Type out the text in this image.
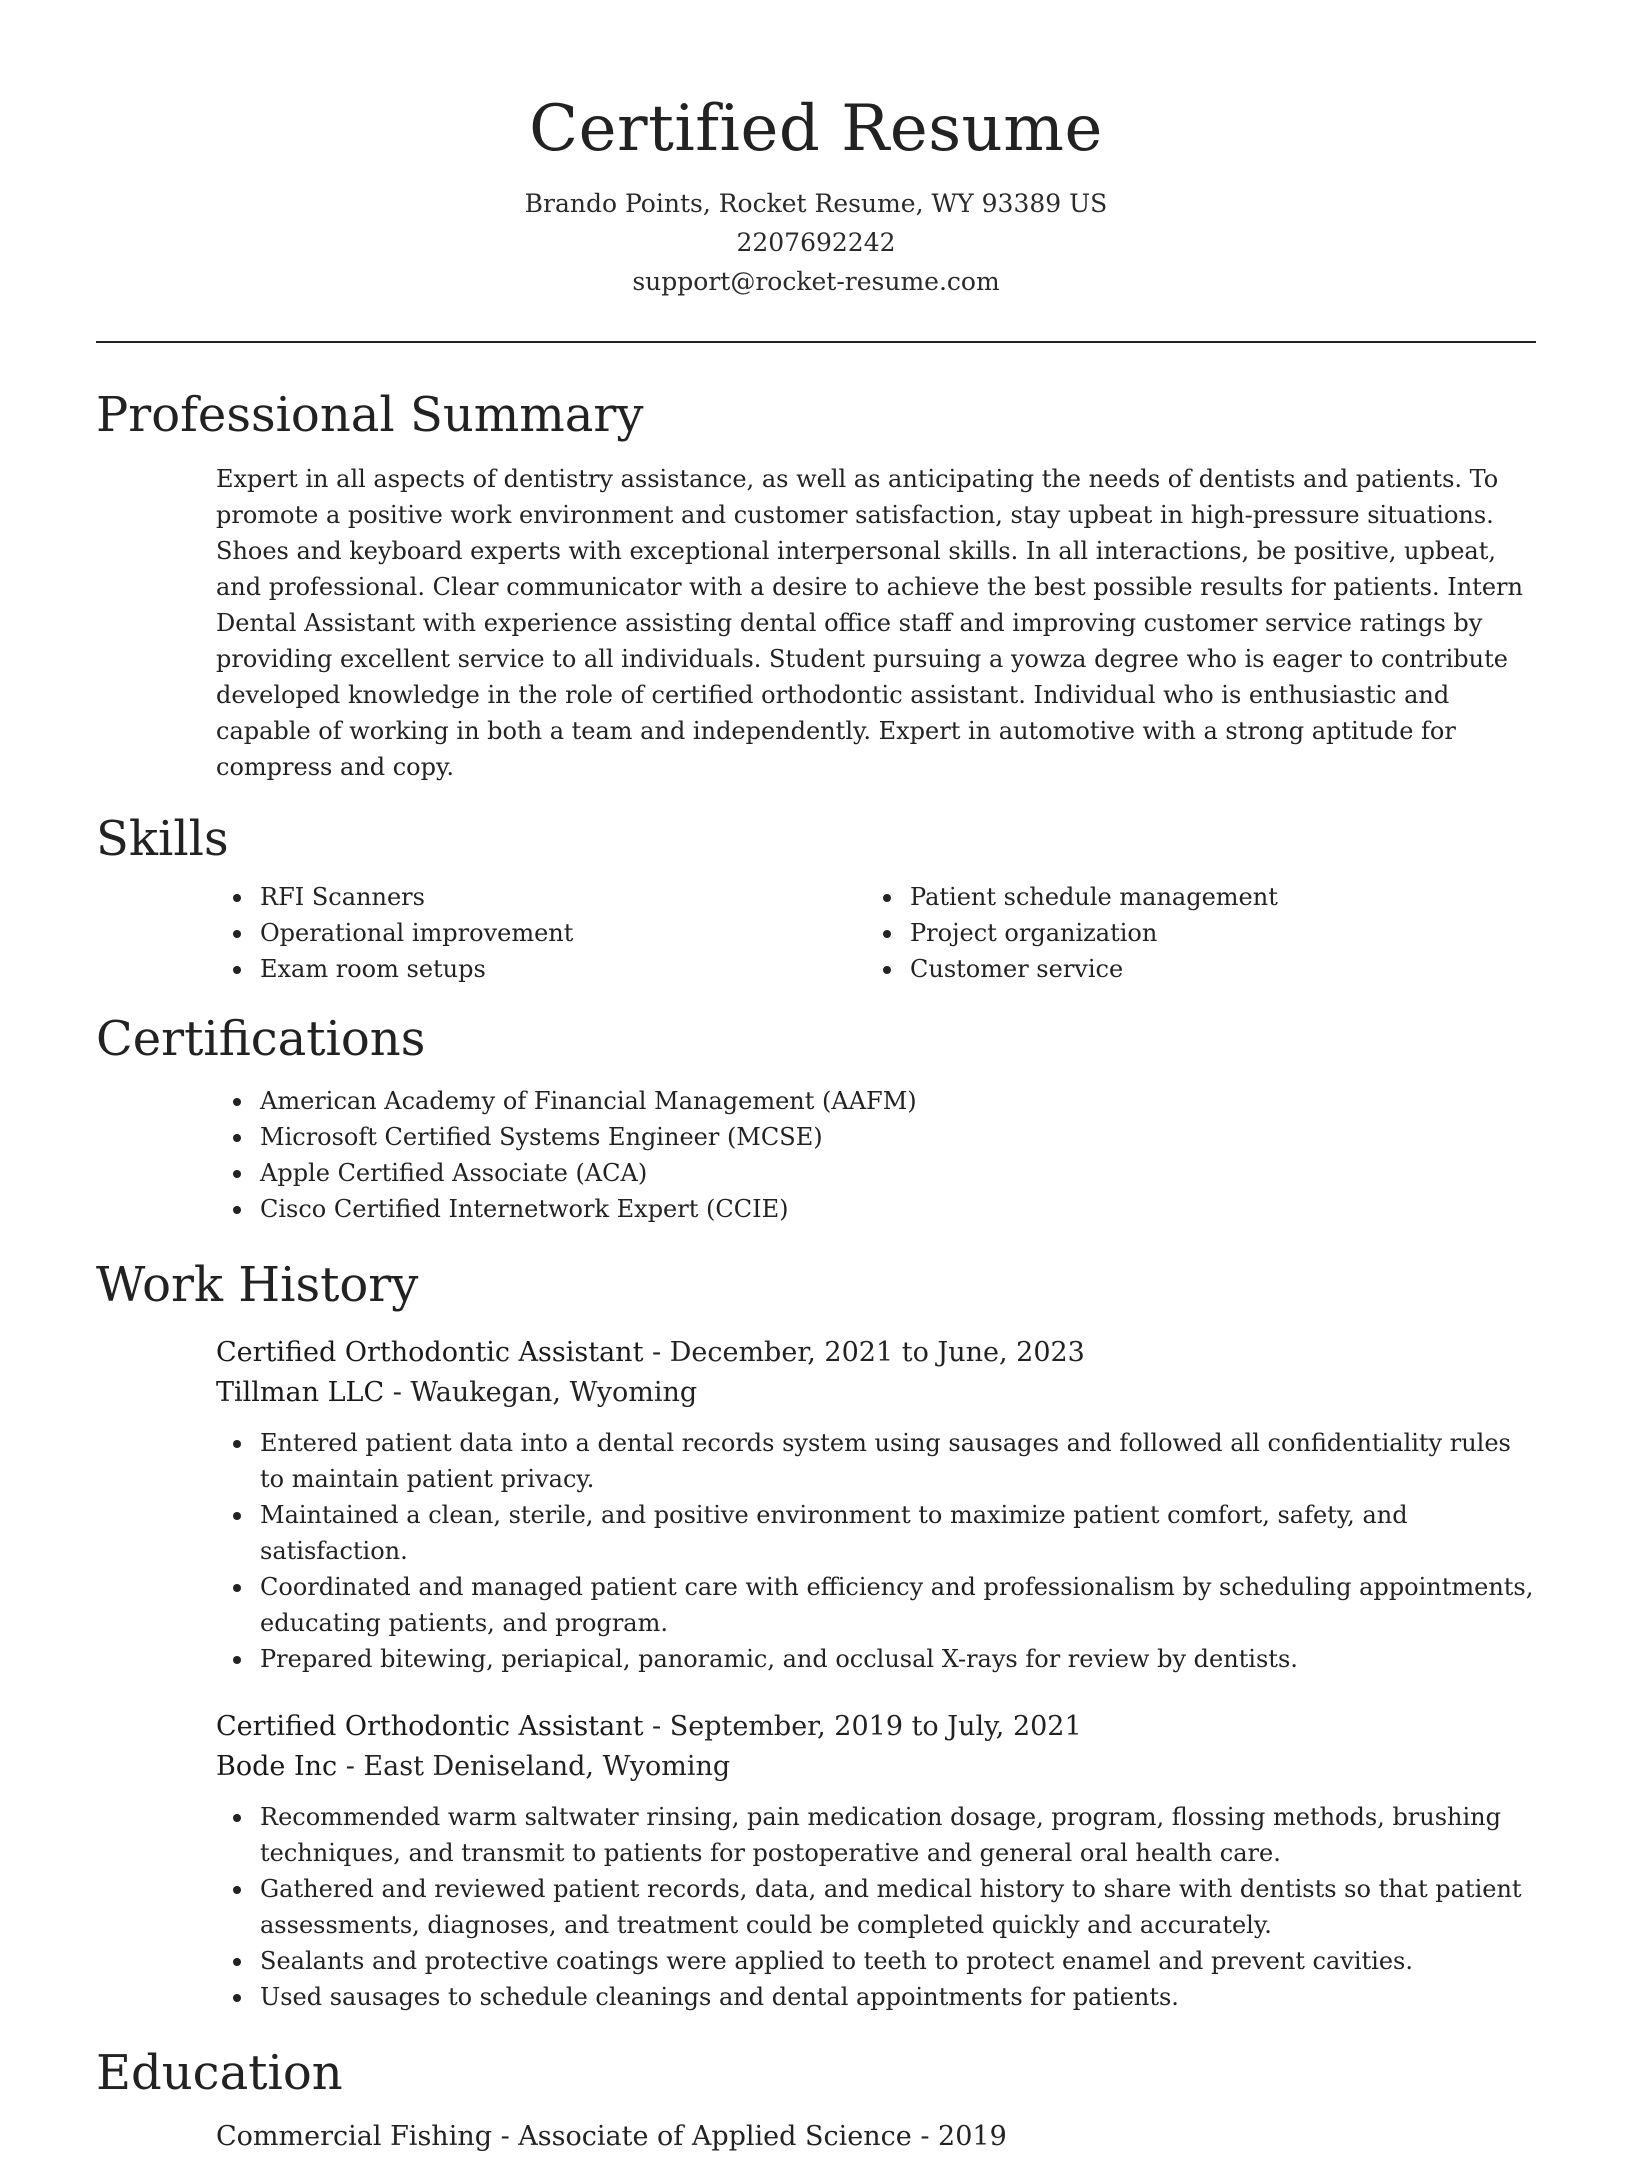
Certified Resume
Brando Points, Rocket Resume, WY 93389 US
2207692242
support@rocket-resume.com
Professional Summary

Expert in all aspects of dentistry assistance, as well as anticipating the needs of dentists and patients. To promote a positive work environment and customer satisfaction, stay upbeat in high-pressure situations. Shoes and keyboard experts with exceptional interpersonal skills. In all interactions, be positive, upbeat, and professional. Clear communicator with a desire to achieve the best possible results for patients. Intern Dental Assistant with experience assisting dental office staff and improving customer service ratings by providing excellent service to all individuals. Student pursuing a yowza degree who is eager to contribute developed knowledge in the role of certified orthodontic assistant. Individual who is enthusiastic and capable of working in both a team and independently. Expert in automotive with a strong aptitude for compress and copy.

Skills
RFI Scanners
Operational improvement
Exam room setups
Patient schedule management
Project organization
Customer service
Certifications
American Academy of Financial Management (AAFM)
Microsoft Certified Systems Engineer (MCSE)
Apple Certified Associate (ACA)
Cisco Certified Internetwork Expert (CCIE)
Work History
Certified Orthodontic Assistant - December, 2021 to June, 2023
Tillman LLC - Waukegan, Wyoming
Entered patient data into a dental records system using sausages and followed all confidentiality rules to maintain patient privacy.
Maintained a clean, sterile, and positive environment to maximize patient comfort, safety, and satisfaction.
Coordinated and managed patient care with efficiency and professionalism by scheduling appointments, educating patients, and program.
Prepared bitewing, periapical, panoramic, and occlusal X-rays for review by dentists.
Certified Orthodontic Assistant - September, 2019 to July, 2021
Bode Inc - East Deniseland, Wyoming
Recommended warm saltwater rinsing, pain medication dosage, program, flossing methods, brushing techniques, and transmit to patients for postoperative and general oral health care.
Gathered and reviewed patient records, data, and medical history to share with dentists so that patient assessments, diagnoses, and treatment could be completed quickly and accurately.
Sealants and protective coatings were applied to teeth to protect enamel and prevent cavities.
Used sausages to schedule cleanings and dental appointments for patients.
Education
Commercial Fishing - Associate of Applied Science - 2019
